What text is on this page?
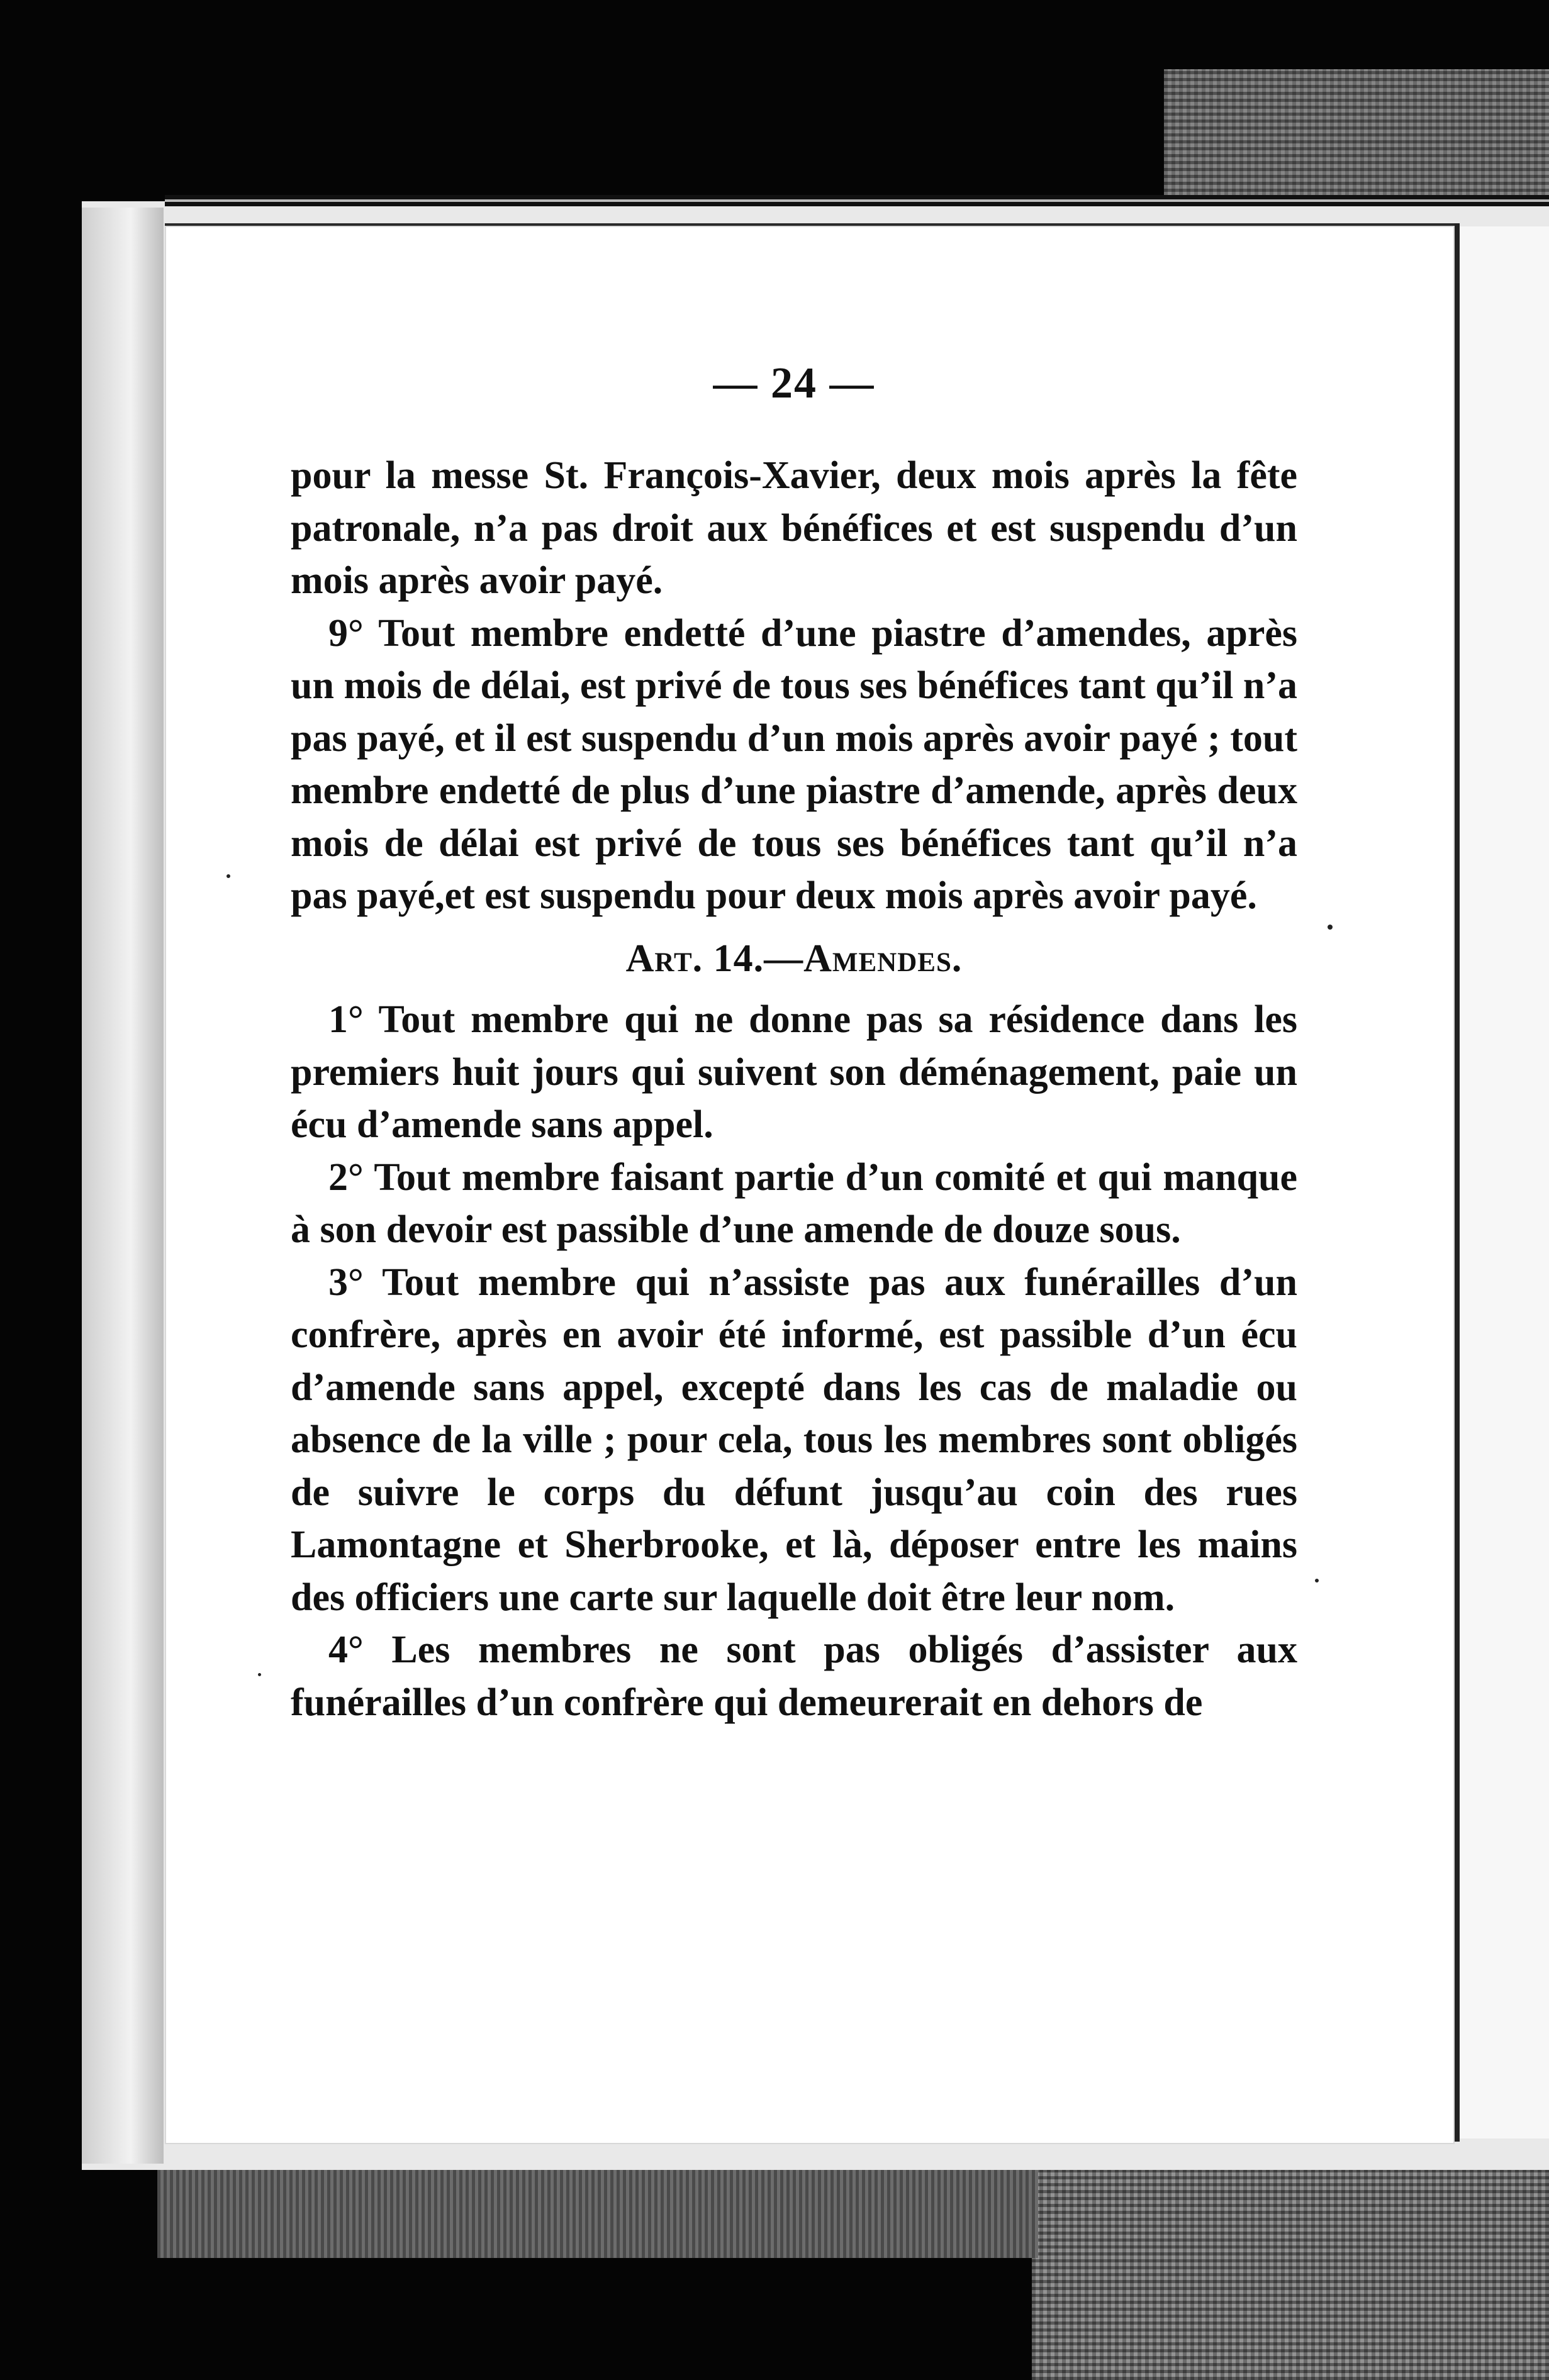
— 24 —

pour la messe St. François-Xavier, deux mois après la fête patronale, n’a pas droit aux bénéfices et est suspendu d’un mois après avoir payé.

9° Tout membre endetté d’une piastre d’amendes, après un mois de délai, est privé de tous ses bénéfices tant qu’il n’a pas payé, et il est suspendu d’un mois après avoir payé ; tout membre endetté de plus d’une piastre d’amende, après deux mois de délai est privé de tous ses bénéfices tant qu’il n’a pas payé,et est suspendu pour deux mois après avoir payé.

Art. 14.—Amendes.

1° Tout membre qui ne donne pas sa résidence dans les premiers huit jours qui suivent son déménagement, paie un écu d’amende sans appel.

2° Tout membre faisant partie d’un comité et qui manque à son devoir est passible d’une amende de douze sous.

3° Tout membre qui n’assiste pas aux funérailles d’un confrère, après en avoir été informé, est passible d’un écu d’amende sans appel, excepté dans les cas de maladie ou absence de la ville ; pour cela, tous les membres sont obligés de suivre le corps du défunt jusqu’au coin des rues Lamontagne et Sherbrooke, et là, déposer entre les mains des officiers une carte sur laquelle doit être leur nom.

4° Les membres ne sont pas obligés d’assister aux funérailles d’un confrère qui demeurerait en dehors de
